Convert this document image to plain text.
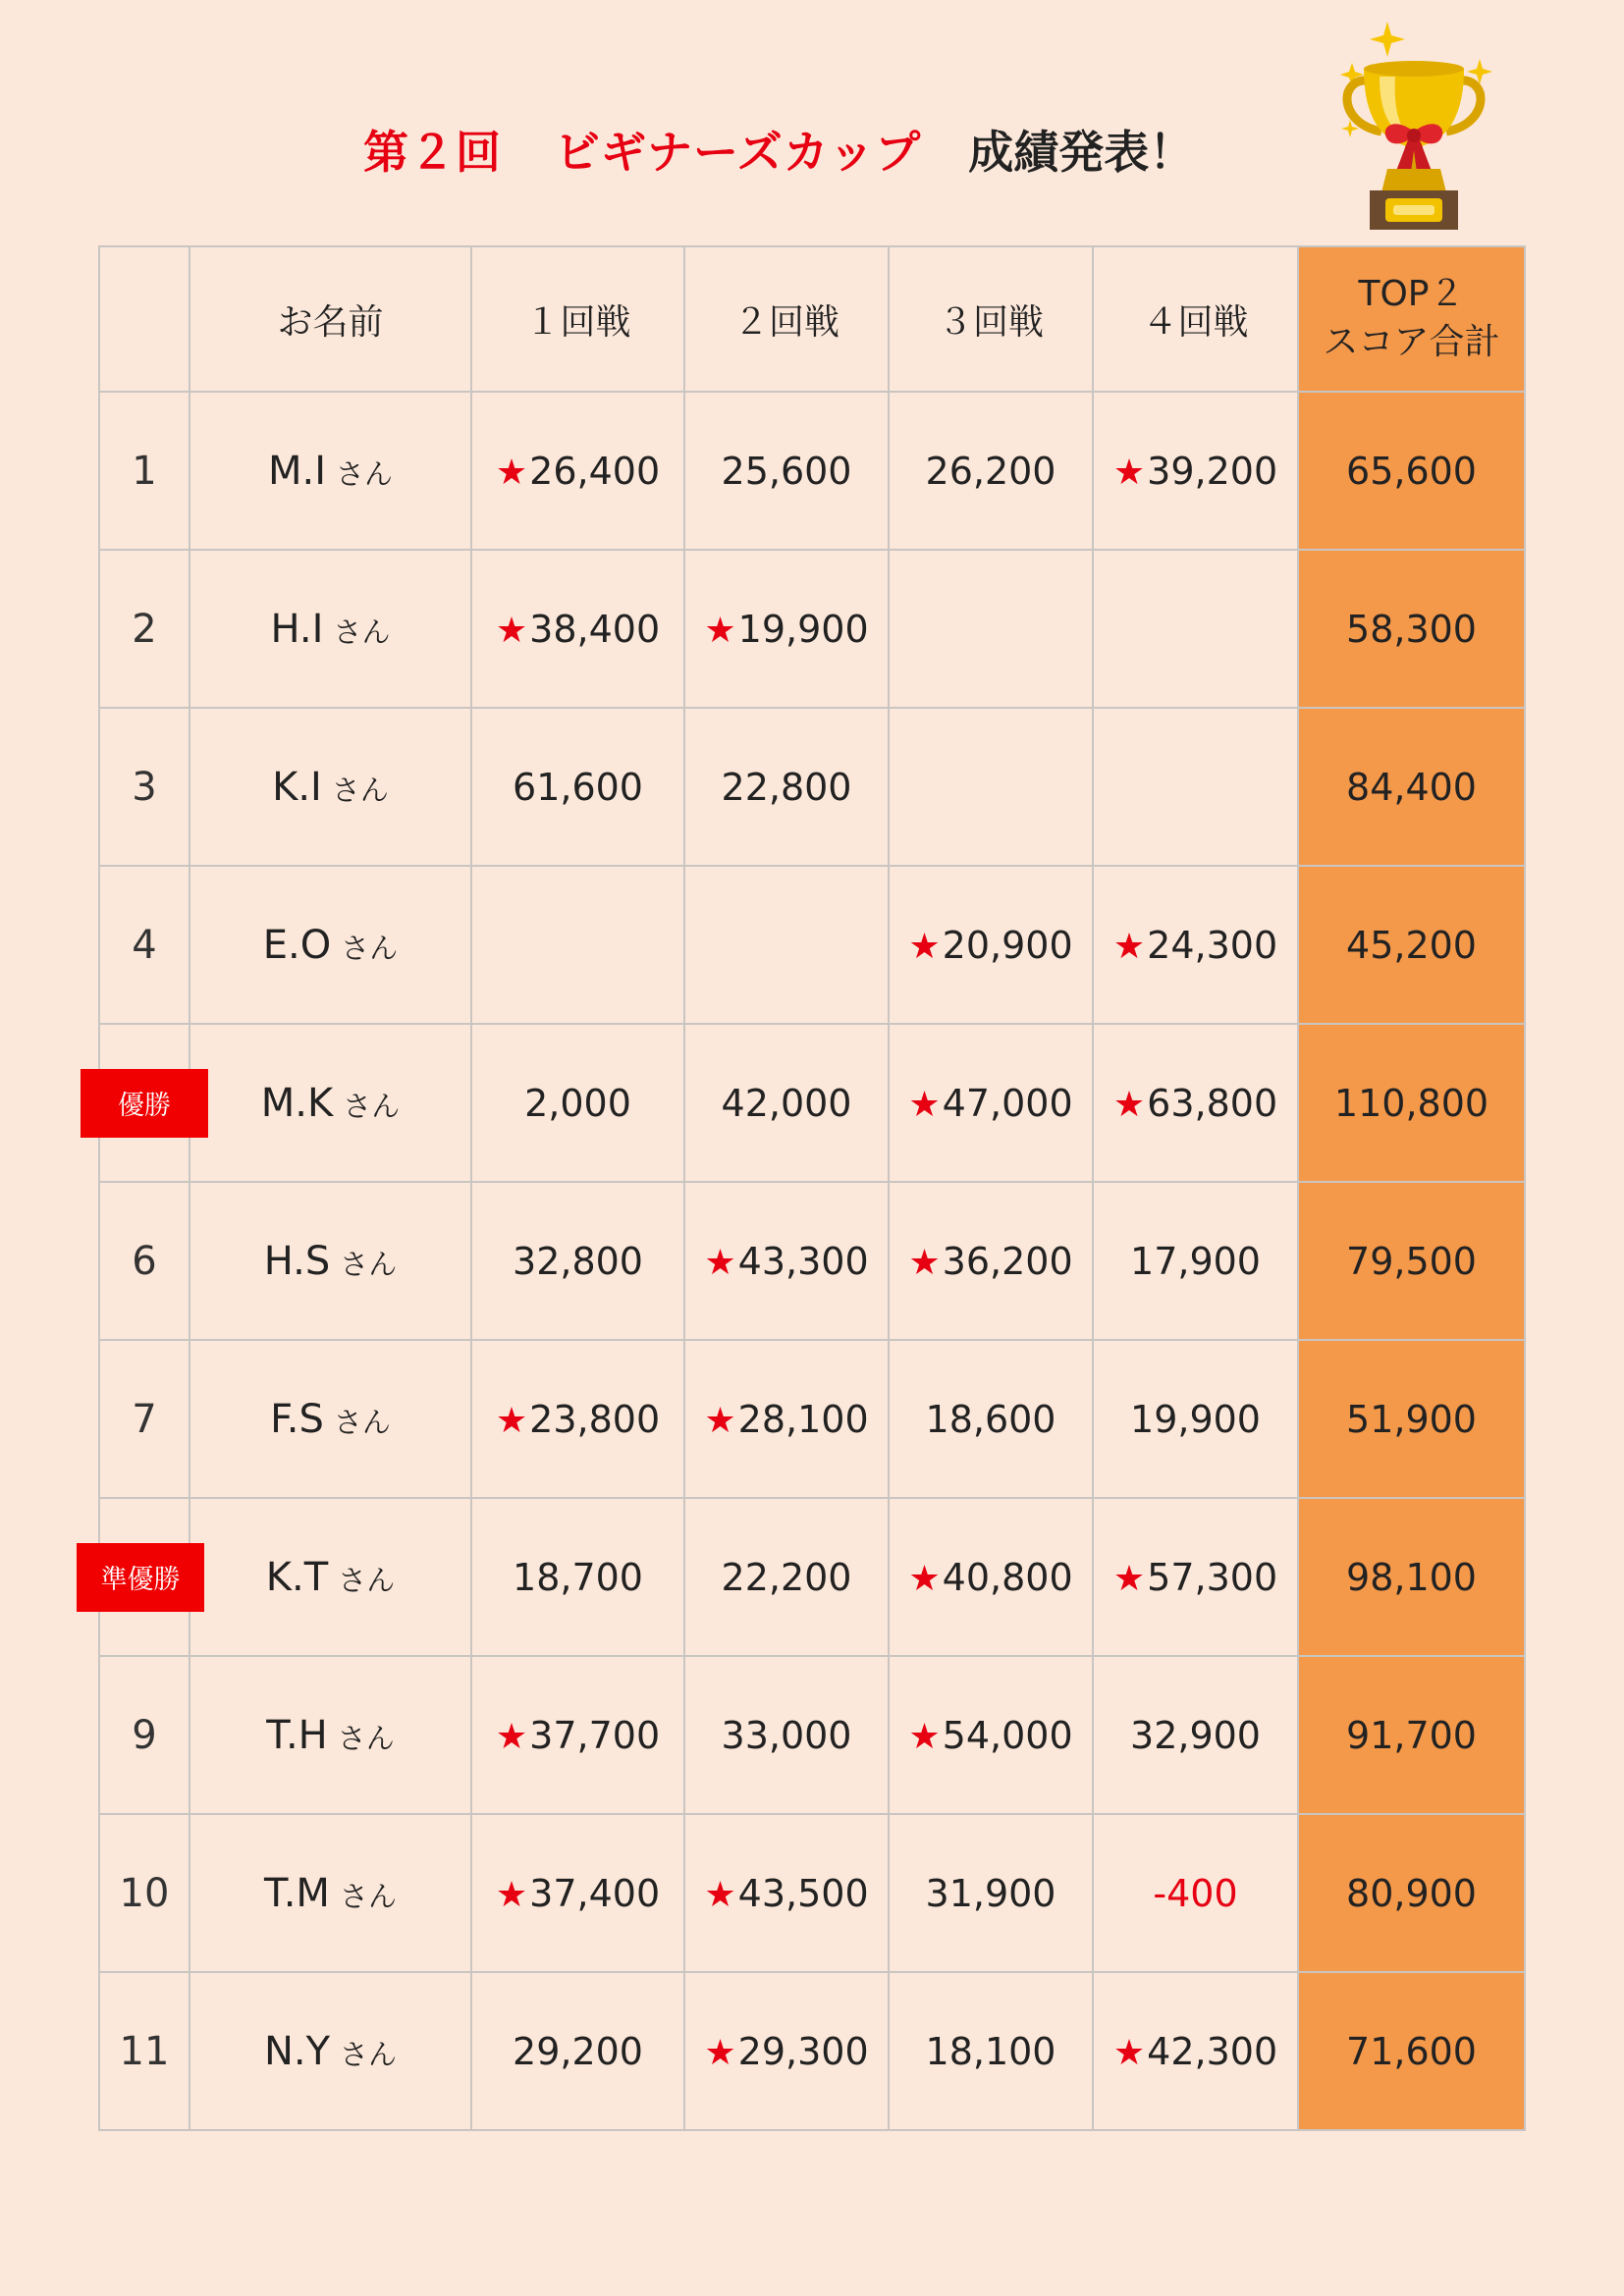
第２回 ビギナーズカップ 成績発表！
	お名前	１回戦	２回戦	３回戦	４回戦	TOP２
スコア合計

1	M.I さん	★26,400	25,600	26,200	★39,200	65,600
2	H.I さん	★38,400	★19,900			58,300
3	K.I さん	61,600	22,800			84,400
4	E.O さん			★20,900	★24,300	45,200

優勝	M.K さん	2,000	42,000	★47,000	★63,800	110,800
6	H.S さん	32,800	★43,300	★36,200	17,900	79,500
7	F.S さん	★23,800	★28,100	18,600	19,900	51,900

準優勝	K.T さん	18,700	22,200	★40,800	★57,300	98,100
9	T.H さん	★37,700	33,000	★54,000	32,900	91,700
10	T.M さん	★37,400	★43,500	31,900	-400	80,900
11	N.Y さん	29,200	★29,300	18,100	★42,300	71,600
